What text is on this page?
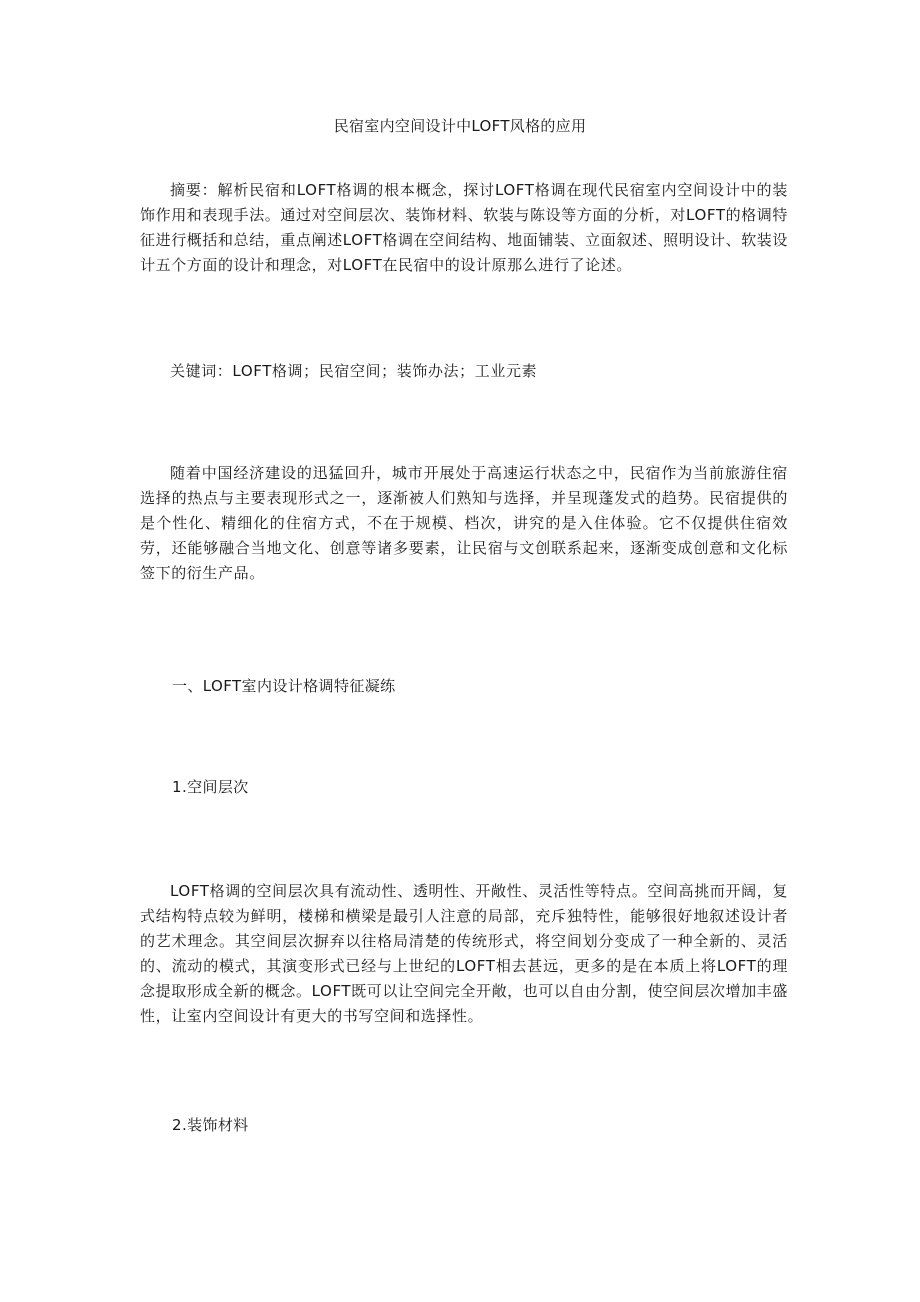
民宿室内空间设计中LOFT风格的应用

摘要：解析民宿和LOFT格调的根本概念，探讨LOFT格调在现代民宿室内空间设计中的装饰作用和表现手法。通过对空间层次、装饰材料、软装与陈设等方面的分析，对LOFT的格调特征进行概括和总结，重点阐述LOFT格调在空间结构、地面铺装、立面叙述、照明设计、软装设计五个方面的设计和理念，对LOFT在民宿中的设计原那么进行了论述。

关键词：LOFT格调；民宿空间；装饰办法；工业元素

随着中国经济建设的迅猛回升，城市开展处于高速运行状态之中，民宿作为当前旅游住宿选择的热点与主要表现形式之一，逐渐被人们熟知与选择，并呈现蓬发式的趋势。民宿提供的是个性化、精细化的住宿方式，不在于规模、档次，讲究的是入住体验。它不仅提供住宿效劳，还能够融合当地文化、创意等诸多要素，让民宿与文创联系起来，逐渐变成创意和文化标签下的衍生产品。

一、LOFT室内设计格调特征凝练
1.空间层次

LOFT格调的空间层次具有流动性、透明性、开敞性、灵活性等特点。空间高挑而开阔，复式结构特点较为鲜明，楼梯和横梁是最引人注意的局部，充斥独特性，能够很好地叙述设计者的艺术理念。其空间层次摒弃以往格局清楚的传统形式，将空间划分变成了一种全新的、灵活的、流动的模式，其演变形式已经与上世纪的LOFT相去甚远，更多的是在本质上将LOFT的理念提取形成全新的概念。LOFT既可以让空间完全开敞，也可以自由分割，使空间层次增加丰盛性，让室内空间设计有更大的书写空间和选择性。

2.装饰材料
